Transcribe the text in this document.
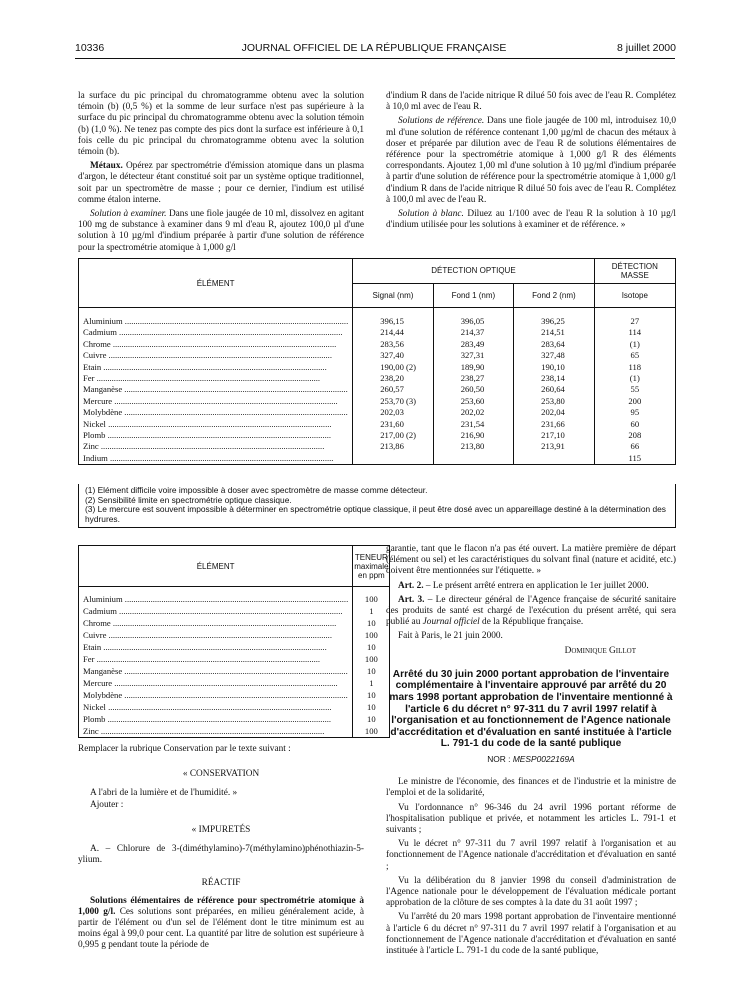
10336	JOURNAL OFFICIEL DE LA RÉPUBLIQUE FRANÇAISE	8 juillet 2000

la surface du pic principal du chromatogramme obtenu avec la solution témoin (b) (0,5 %) et la somme de leur surface n'est pas supérieure à la surface du pic principal du chromatogramme obtenu avec la solution témoin (b) (1,0 %). Ne tenez pas compte des pics dont la surface est inférieure à 0,1 fois celle du pic principal du chromatogramme obtenu avec la solution témoin (b).

Métaux. Opérez par spectrométrie d'émission atomique dans un plasma d'argon, le détecteur étant constitué soit par un système optique traditionnel, soit par un spectromètre de masse ; pour ce dernier, l'indium est utilisé comme étalon interne.

Solution à examiner. Dans une fiole jaugée de 10 ml, dissolvez en agitant 100 mg de substance à examiner dans 9 ml d'eau R, ajoutez 100,0 µl d'une solution à 10 µg/ml d'indium préparée à partir d'une solution de référence pour la spectrométrie atomique à 1,000 g/l

d'indium R dans de l'acide nitrique R dilué 50 fois avec de l'eau R. Complétez à 10,0 ml avec de l'eau R.

Solutions de référence. Dans une fiole jaugée de 100 ml, introduisez 10,0 ml d'une solution de référence contenant 1,00 µg/ml de chacun des métaux à doser et préparée par dilution avec de l'eau R de solutions élémentaires de référence pour la spectrométrie atomique à 1,000 g/l R des éléments correspondants. Ajoutez 1,00 ml d'une solution à 10 µg/ml d'indium préparée à partir d'une solution de référence pour la spectrométrie atomique à 1,000 g/l d'indium R dans de l'acide nitrique R dilué 50 fois avec de l'eau R. Complétez à 100,0 ml avec de l'eau R.

Solution à blanc. Diluez au 1/100 avec de l'eau R la solution à 10 µg/l d'indium utilisée pour les solutions à examiner et de référence. »

ÉLÉMENT	DÉTECTION OPTIQUE			DÉTECTION MASSE
	Signal (nm)	Fond 1 (nm)	Fond 2 (nm)	Isotope
Aluminium .....	396,15	396,05	396,25	27
Cadmium .....	214,44	214,37	214,51	114
Chrome .....	283,56	283,49	283,64	(1)
Cuivre .....	327,40	327,31	327,48	65
Etain .....	190,00 (2)	189,90	190,10	118
Fer .....	238,20	238,27	238,14	(1)
Manganèse .....	260,57	260,50	260,64	55
Mercure .....	253,70 (3)	253,60	253,80	200
Molybdène .....	202,03	202,02	202,04	95
Nickel .....	231,60	231,54	231,66	60
Plomb .....	217,00 (2)	216,90	217,10	208
Zinc .....	213,86	213,80	213,91	66
Indium .....				115
(1) Elément difficile voire impossible à doser avec spectromètre de masse comme détecteur.
(2) Sensibilité limite en spectrométrie optique classique.
(3) Le mercure est souvent impossible à déterminer en spectrométrie optique classique, il peut être dosé avec un appareillage destiné à la détermination des hydrures.
ÉLÉMENT	TENEUR
maximale en ppm

Aluminium .....	100
Cadmium .....	1
Chrome .....	10
Cuivre .....	100
Etain .....	10
Fer .....	100
Manganèse .....	10
Mercure .....	1
Molybdène .....	10
Nickel .....	10
Plomb .....	10
Zinc .....	100

Remplacer la rubrique Conservation par le texte suivant :

« CONSERVATION

A l'abri de la lumière et de l'humidité. »

Ajouter :

« IMPURETÉS

A. – Chlorure de 3-(diméthylamino)-7(méthylamino)phénothiazin-5-ylium.

RÉACTIF

Solutions élémentaires de référence pour spectrométrie atomique à 1,000 g/l. Ces solutions sont préparées, en milieu généralement acide, à partir de l'élément ou d'un sel de l'élément dont le titre minimum est au moins égal à 99,0 pour cent. La quantité par litre de solution est supérieure à 0,995 g pendant toute la période de

garantie, tant que le flacon n'a pas été ouvert. La matière première de départ (élément ou sel) et les caractéristiques du solvant final (nature et acidité, etc.) doivent être mentionnées sur l'étiquette. »

Art. 2. – Le présent arrêté entrera en application le 1er juillet 2000.

Art. 3. – Le directeur général de l'Agence française de sécurité sanitaire des produits de santé est chargé de l'exécution du présent arrêté, qui sera publié au Journal officiel de la République française.

Fait à Paris, le 21 juin 2000.

Dominique Gillot
Arrêté du 30 juin 2000 portant approbation de l'inventaire complémentaire à l'inventaire approuvé par arrêté du 20 mars 1998 portant approbation de l'inventaire mentionné à l'article 6 du décret n° 97-311 du 7 avril 1997 relatif à l'organisation et au fonctionnement de l'Agence nationale d'accréditation et d'évaluation en santé instituée à l'article L. 791-1 du code de la santé publique
NOR : MESP0022169A

Le ministre de l'économie, des finances et de l'industrie et la ministre de l'emploi et de la solidarité,

Vu l'ordonnance n° 96-346 du 24 avril 1996 portant réforme de l'hospitalisation publique et privée, et notamment les articles L. 791-1 et suivants ;

Vu le décret n° 97-311 du 7 avril 1997 relatif à l'organisation et au fonctionnement de l'Agence nationale d'accréditation et d'évaluation en santé ;

Vu la délibération du 8 janvier 1998 du conseil d'administration de l'Agence nationale pour le développement de l'évaluation médicale portant approbation de la clôture de ses comptes à la date du 31 août 1997 ;

Vu l'arrêté du 20 mars 1998 portant approbation de l'inventaire mentionné à l'article 6 du décret n° 97-311 du 7 avril 1997 relatif à l'organisation et au fonctionnement de l'Agence nationale d'accréditation et d'évaluation en santé instituée à l'article L. 791-1 du code de la santé publique,
